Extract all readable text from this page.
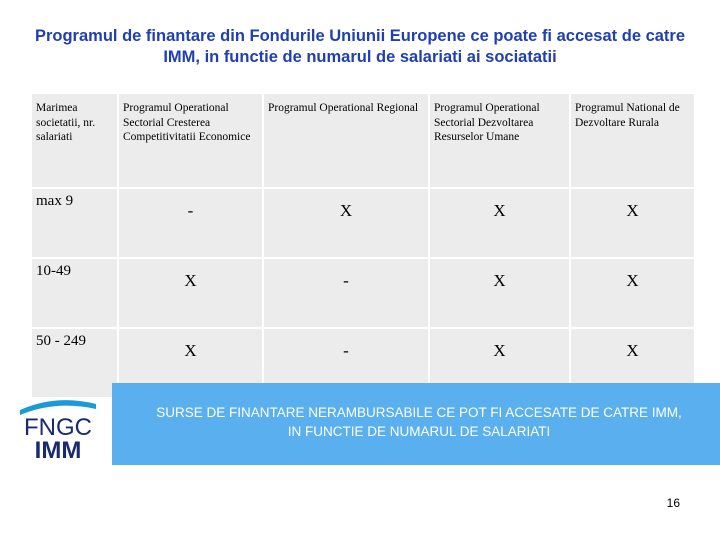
Programul de finantare din Fondurile Uniunii Europene ce poate fi accesat de catre IMM, in functie de numarul de salariati ai sociatatii
Marimea societatii, nr. salariati	Programul Operational Sectorial Cresterea Competitivitatii Economice	Programul Operational Regional	Programul Operational Sectorial Dezvoltarea Resurselor Umane	Programul National de Dezvoltare Rurala
max 9	-	X	X	X
10-49	X	-	X	X
50 - 249	X	-	X	X
SURSE DE FINANTARE NERAMBURSABILE CE POT FI ACCESATE DE CATRE IMM, IN FUNCTIE DE NUMARUL DE SALARIATI
FNGC
IMM
16
